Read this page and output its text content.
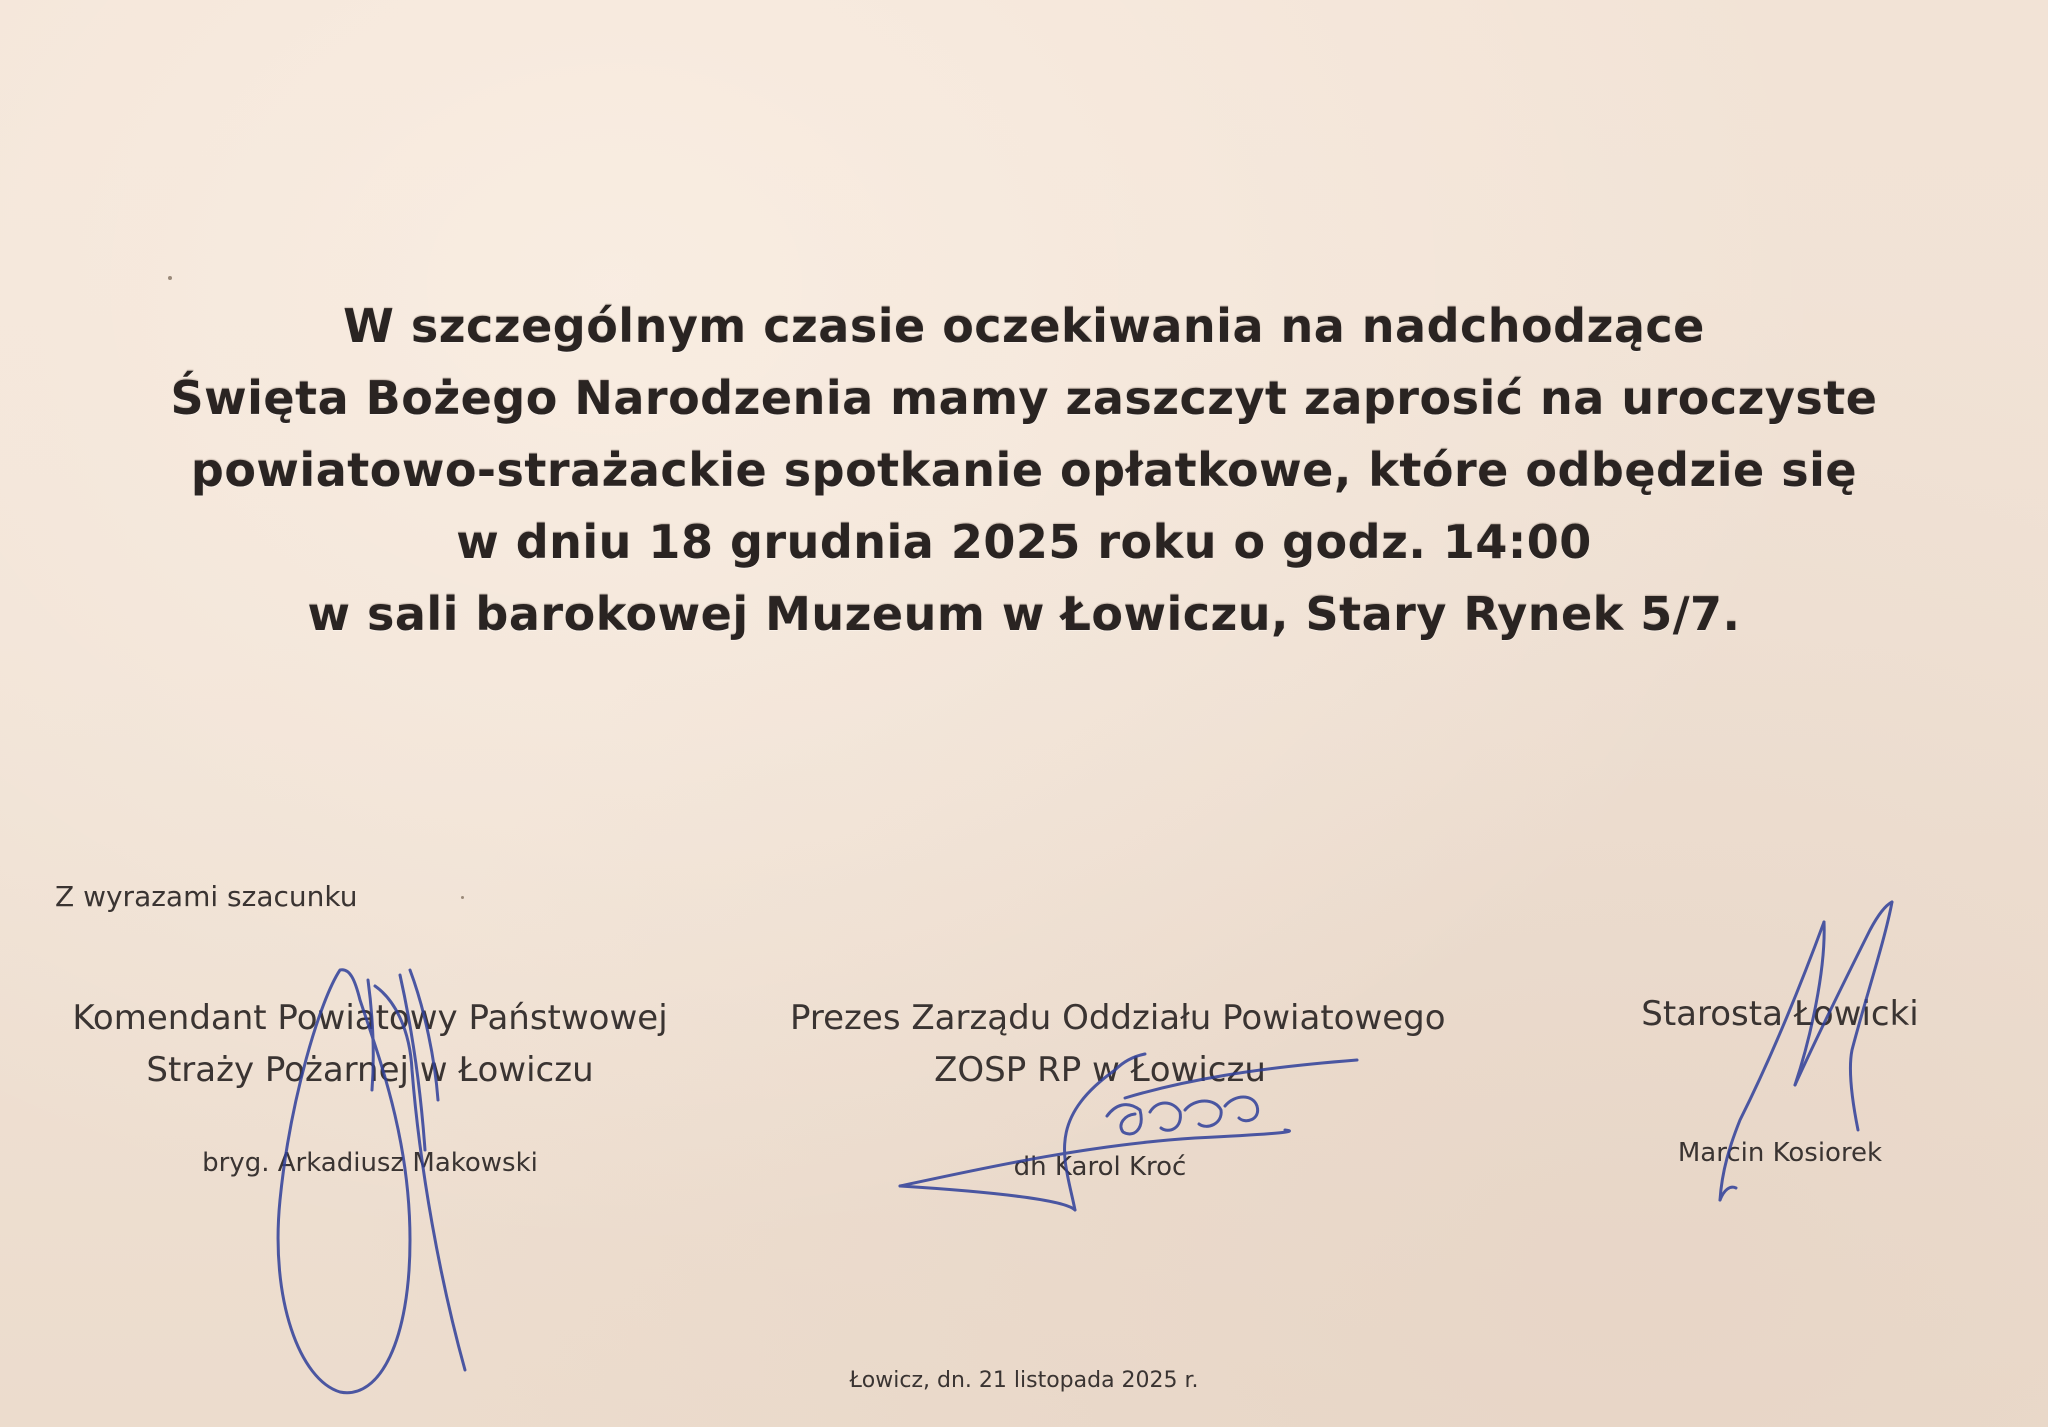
W szczególnym czasie oczekiwania na nadchodzące
Święta Bożego Narodzenia mamy zaszczyt zaprosić na uroczyste
powiatowo-strażackie spotkanie opłatkowe, które odbędzie się
w dniu 18 grudnia 2025 roku o godz. 14:00
w sali barokowej Muzeum w Łowiczu, Stary Rynek 5/7.
Z wyrazami szacunku
Komendant Powiatowy Państwowej
Straży Pożarnej w Łowiczu
bryg. Arkadiusz Makowski
Prezes Zarządu Oddziału Powiatowego
ZOSP RP w Łowiczu
dh Karol Kroć
Starosta Łowicki
Marcin Kosiorek
Łowicz, dn. 21 listopada 2025 r.
